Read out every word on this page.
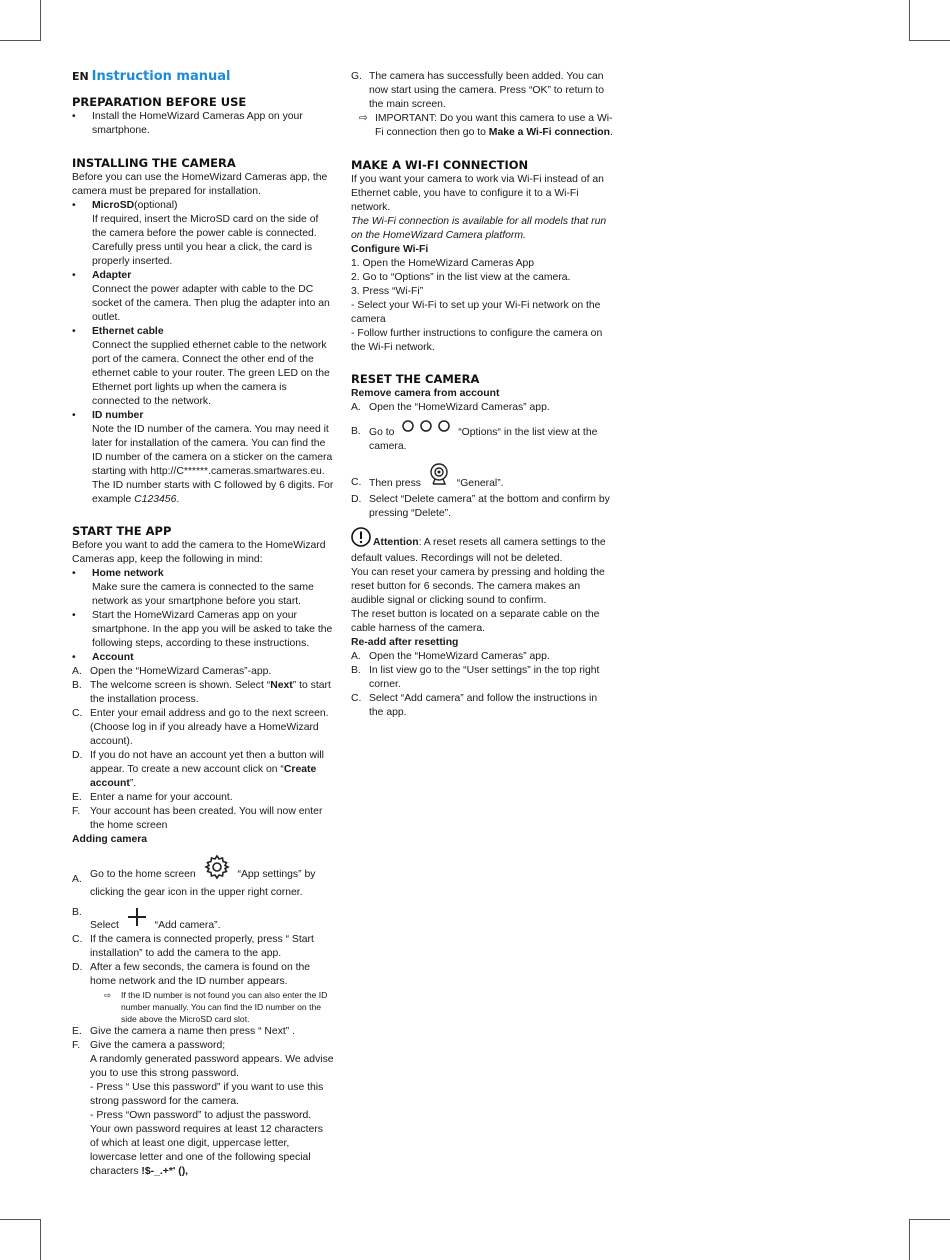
EN Instruction manual
PREPARATION BEFORE USE
•	Install the HomeWizard Cameras App on your smartphone.
INSTALLING THE CAMERA

Before you can use the HomeWizard Cameras app, the camera must be prepared for installation.

•	MicroSD(optional)
If required, insert the MicroSD card on the side of the camera before the power cable is connected. Carefully press until you hear a click, the card is properly inserted.
•	Adapter
Connect the power adapter with cable to the DC socket of the camera. Then plug the adapter into an outlet.
•	Ethernet cable
Connect the supplied ethernet cable to the network port of the camera. Connect the other end of the ethernet cable to your router. The green LED on the Ethernet port lights up when the camera is connected to the network.
•	ID number
Note the ID number of the camera. You may need it later for installation of the camera. You can find the ID number of the camera on a sticker on the camera starting with http://C******.cameras.smartwares.eu. The ID number starts with C followed by 6 digits. For example C123456.
START THE APP

Before you want to add the camera to the HomeWizard Cameras app, keep the following in mind:

•	Home network
Make sure the camera is connected to the same network as your smartphone before you start.
•	Start the HomeWizard Cameras app on your smartphone. In the app you will be asked to take the following steps, according to these instructions.
•	Account
A. Open the “HomeWizard Cameras”-app.
B. The welcome screen is shown. Select “Next” to start the installation process.
C. Enter your email address and go to the next screen. (Choose log in if you already have a HomeWizard account).
D. If you do not have an account yet then a button will appear. To create a new account click on “Create account”.
E. Enter a name for your account.
F. Your account has been created. You will now enter the home screen

Adding camera

A. Go to the home screen	“App settings” by clicking the gear icon in the upper right corner.
B.
Select	“Add camera”.
C. If the camera is connected properly, press “ Start installation” to add the camera to the app.
D. After a few seconds, the camera is found on the home network and the ID number appears.
⇨	If the ID number is not found you can also enter the ID number manually. You can find the ID number on the side above the MicroSD card slot.
E. Give the camera a name then press “ Next” .
F. Give the camera a password;
A randomly generated password appears. We advise you to use this strong password.
- Press “ Use this password” if you want to use this strong password for the camera.
- Press “Own password” to adjust the password.
Your own password requires at least 12 characters of which at least one digit, uppercase letter, lowercase letter and one of the following special characters !$-_.+*' (),
G. The camera has successfully been added. You can now start using the camera. Press “OK” to return to the main screen.
⇨ IMPORTANT: Do you want this camera to use a Wi-Fi connection then go to Make a Wi-Fi connection.
MAKE A WI-FI CONNECTION

If you want your camera to work via Wi-Fi instead of an Ethernet cable, you have to configure it to a Wi-Fi network.

The Wi-Fi connection is available for all models that run on the HomeWizard Camera platform.

Configure Wi-Fi

1. Open the HomeWizard Cameras App

2. Go to “Options” in the list view at the camera.

3. Press “Wi-Fi”

- Select your Wi-Fi to set up your Wi-Fi network on the camera

- Follow further instructions to configure the camera on the Wi-Fi network.

RESET THE CAMERA

Remove camera from account

A. Open the “HomeWizard Cameras” app.
B. Go to	“Options“ in the list view at the camera.
C. Then press	“General”.
D. Select “Delete camera” at the bottom and confirm by pressing “Delete”.

Attention: A reset resets all camera settings to the default values. Recordings will not be deleted.

You can reset your camera by pressing and holding the reset button for 6 seconds. The camera makes an audible signal or clicking sound to confirm.

The reset button is located on a separate cable on the cable harness of the camera.

Re-add after resetting

A. Open the “HomeWizard Cameras” app.
B. In list view go to the “User settings” in the top right corner.
C. Select “Add camera” and follow the instructions in the app.
